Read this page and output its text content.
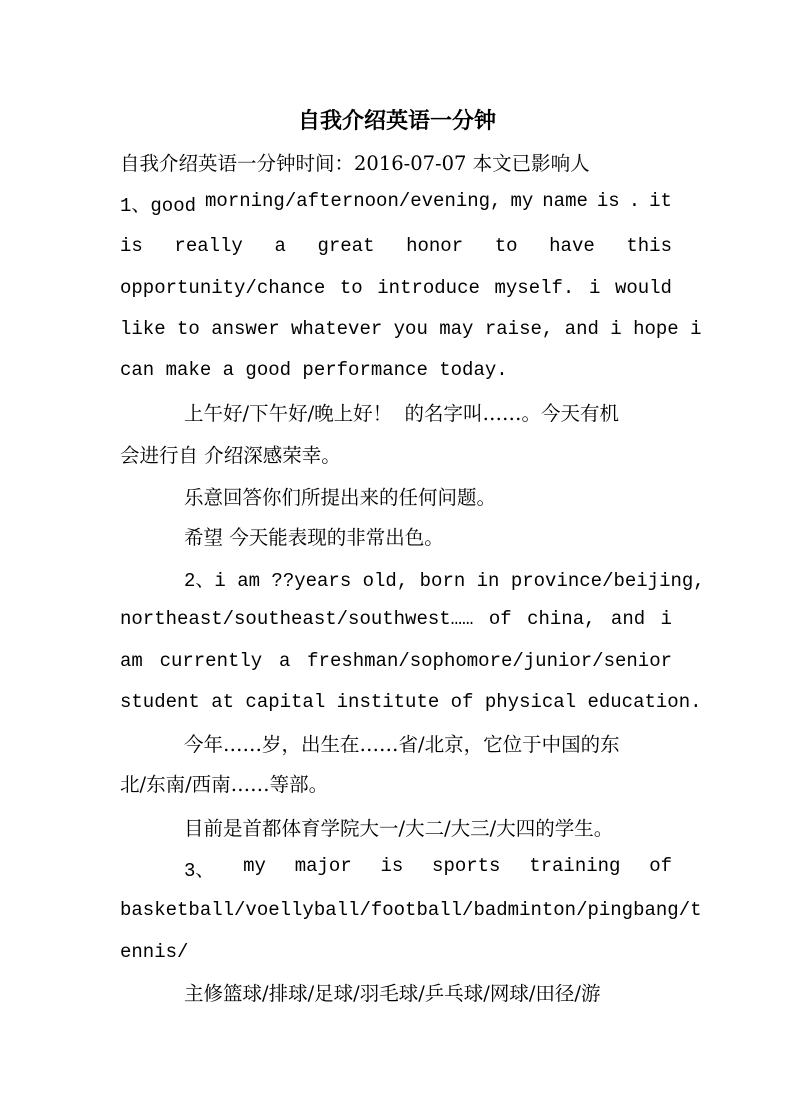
自我介绍英语一分钟
自我介绍英语一分钟时间：2016-07-07 本文已影响人
1、good morning/afternoon/evening, my name is . it
is really a great honor to have this
opportunity/chance to introduce myself. i would
like to answer whatever you may raise, and i hope i
can make a good performance today.
上午好/下午好/晚上好！  的名字叫……。今天有机
会进行自 介绍深感荣幸。
乐意回答你们所提出来的任何问题。
希望 今天能表现的非常出色。
2、i am ??years old, born in province/beijing,
northeast/southeast/southwest…… of china, and i
am currently a freshman/sophomore/junior/senior
student at capital institute of physical education.
今年……岁，出生在……省/北京，它位于中国的东
北/东南/西南……等部。
目前是首都体育学院大一/大二/大三/大四的学生。
3、 my major is sports training of
basketball/voellyball/football/badminton/pingbang/t
ennis/
主修篮球/排球/足球/羽毛球/乒乓球/网球/田径/游
